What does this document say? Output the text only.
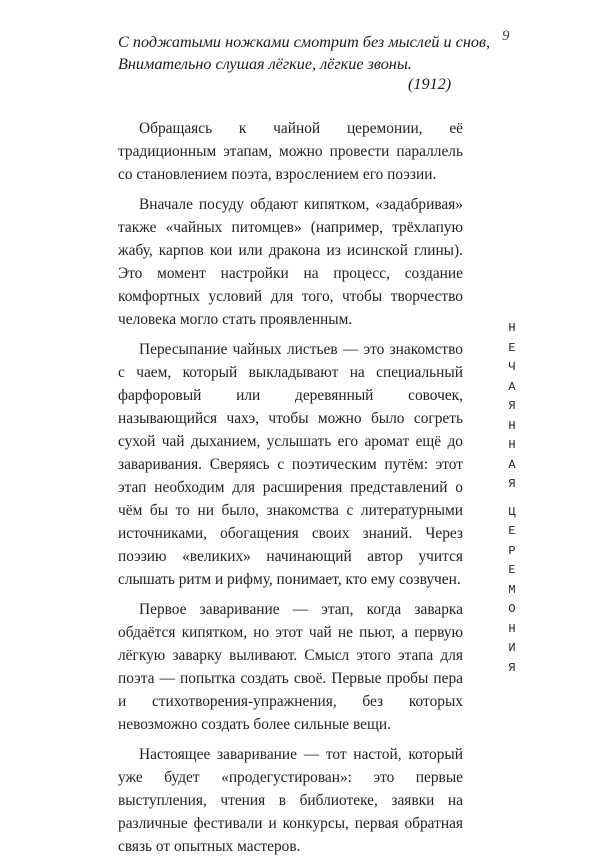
9
С поджатыми ножками смотрит без мыслей и снов,
Внимательно слушая лёгкие, лёгкие звоны.
(1912)

Обращаясь к чайной церемонии, её традиционным этапам, можно провести параллель со становлением поэта, взрослением его поэзии.

Вначале посуду обдают кипятком, «задабривая» также «чайных питомцев» (например, трёхлапую жабу, карпов кои или дракона из исинской глины). Это момент настройки на процесс, создание комфортных условий для того, чтобы творчество человека могло стать проявленным.

Пересыпание чайных листьев — это знакомство с чаем, который выкладывают на специальный фарфоровый или деревянный совочек, называющийся чахэ, чтобы можно было согреть сухой чай дыханием, услышать его аромат ещё до заваривания. Сверяясь с поэтическим путём: этот этап необходим для расширения представлений о чём бы то ни было, знакомства с литературными источниками, обогащения своих знаний. Через поэзию «великих» начинающий автор учится слышать ритм и рифму, понимает, кто ему созвучен.

Первое заваривание — этап, когда заварка обдаётся кипятком, но этот чай не пьют, а первую лёгкую заварку выливают. Смысл этого этапа для поэта — попытка создать своё. Первые пробы пера и стихотворения-упражнения, без которых невозможно создать более сильные вещи.

Настоящее заваривание — тот настой, который уже будет «продегустирован»: это первые выступления, чтения в библиотеке, заявки на различные фестивали и конкурсы, первая обратная связь от опытных мастеров.

Н
Е
Ч
А
Я
Н
Н
А
Я
Ц
Е
Р
Е
М
О
Н
И
Я
